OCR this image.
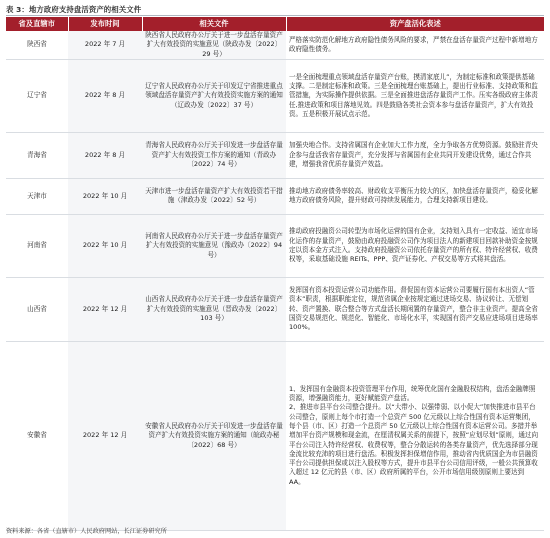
表 3：地方政府支持盘活资产的相关文件
省及直辖市	发布时间	相关文件	资产盘活化表述
陕西省	2022 年 7 月	陕西省人民政府办公厅关于进一步盘活存量资产扩大有效投资的实施意见（陕政办发〔2022〕29 号）	严格落实防范化解地方政府隐性债务风险的要求，严禁在盘活存量资产过程中新增地方政府隐性债务。
辽宁省	2022 年 8 月	辽宁省人民政府办公厅关于印发辽宁省推进重点领域盘活存量资产扩大有效投资实施方案的通知（辽政办发〔2022〕37 号）	一是全面梳理重点领域盘活存量资产台账，摸清家底儿”，为制定标准和政策提供基础支撑。二是制定标准和政策。三是全面梳理台账基础上，提出行业标准、支持政策和监管措施，为实际操作提供依据。三是全面推进盘活存量资产工作。压实各级政府主体责任,推进政策和项目落地见效。四是鼓励各类社会资本参与盘活存量资产，扩大有效投资。五是积极开展试点示范。
青海省	2022 年 8 月	青海省人民政府办公厅关于印发进一步盘活存量资产扩大有效投资工作方案的通知（青政办〔2022〕74 号）	加强央地合作。支持省属国有企业加大工作力度，全力争取各方优势资源。鼓励驻青央企参与盘活我省存量资产，充分发挥与省属国有企业共同开发建设优势，通过合作共建，增强我省优质存量资产效益。
天津市	2022 年 10 月	天津市进一步盘活存量资产扩大有效投资若干措施（津政办发〔2022〕52 号）	推动地方政府债务率较高、财政收支平衡压力较大的区，加快盘活存量资产，稳妥化解地方政府债务风险，提升财政可持续发展能力，合理支持新项目建设。
河南省	2022 年 10 月	河南省人民政府办公厅关于进一步盘活存量资产扩大有效投资的实施意见（豫政办〔2022〕94 号）	推动政府投融资公司转型为市场化运营的国有企业，支持划入具有一定收益、适宜市场化运作的存量资产，鼓励由政府投融资公司作为项目法人的新建项目回款补助资金按规定以资本金方式注入。支持政府投融资公司依托存量资产的所有权、特许经营权、收费权等，采取基础设施 REITs、PPP、资产证券化、产权交易等方式将其盘活。
山西省	2022 年 12 月	山西省人民政府办公厅关于进一步盘活存量资产扩大有效投资的实施意见（晋政办发〔2022〕103 号）	发挥国有资本投资运营公司功能作用。督促国有资本运营公司要履行国有本出资人“管资本”职责，根据职能定位，规范省属企业按规定通过进场交易、协议转让、无偿划转、资产置换、联合整合等方式盘活长期闲置的存量资产，整合非主业资产。提高全省国资交易规范化、规范化、智能化、市场化水平，实现国有资产交易应进场项目进场率 100%。
安徽省	2022 年 12 月	安徽省人民政府办公厅关于印发进一步盘活存量资产扩大有效投资实施方案的通知（皖政办秘〔2022〕68 号）	1、发挥国有金融资本投资管理平台作用，统筹优化国有金融股权结构，盘活金融牌照资源，增强融资能力，更好赋能资产盘活。
2、推进市县平台公司整合提升。以“大带小、以强带弱、以小促大”加快推进市县平台公司整合，原则上每个市打造一个总资产 500 亿元级以上综合性国有资本运营集团，每个县（市、区）打造一个总资产 50 亿元级以上综合性国有资本运营公司。多措并举增加平台资产规模和现金流，在厘清权属关系的前提下，按照“应划尽划”原则，通过向平台公司注入特许经营权、收费权等，整合分散运转的各类存量资产，优先选择部分现金流比较充沛的项目进行盘活。积极发挥担保增信作用，推动省内优质国企为市县融资平台公司提供担保或以注入股权等方式，提升市县平台公司信用评级，一般公共预算收入超过 12 亿元的县（市、区）政府所属的平台，公开市场信用级别原则上要达到 AA。
资料来源：各省（直辖市）人民政府网站，长江证券研究所
